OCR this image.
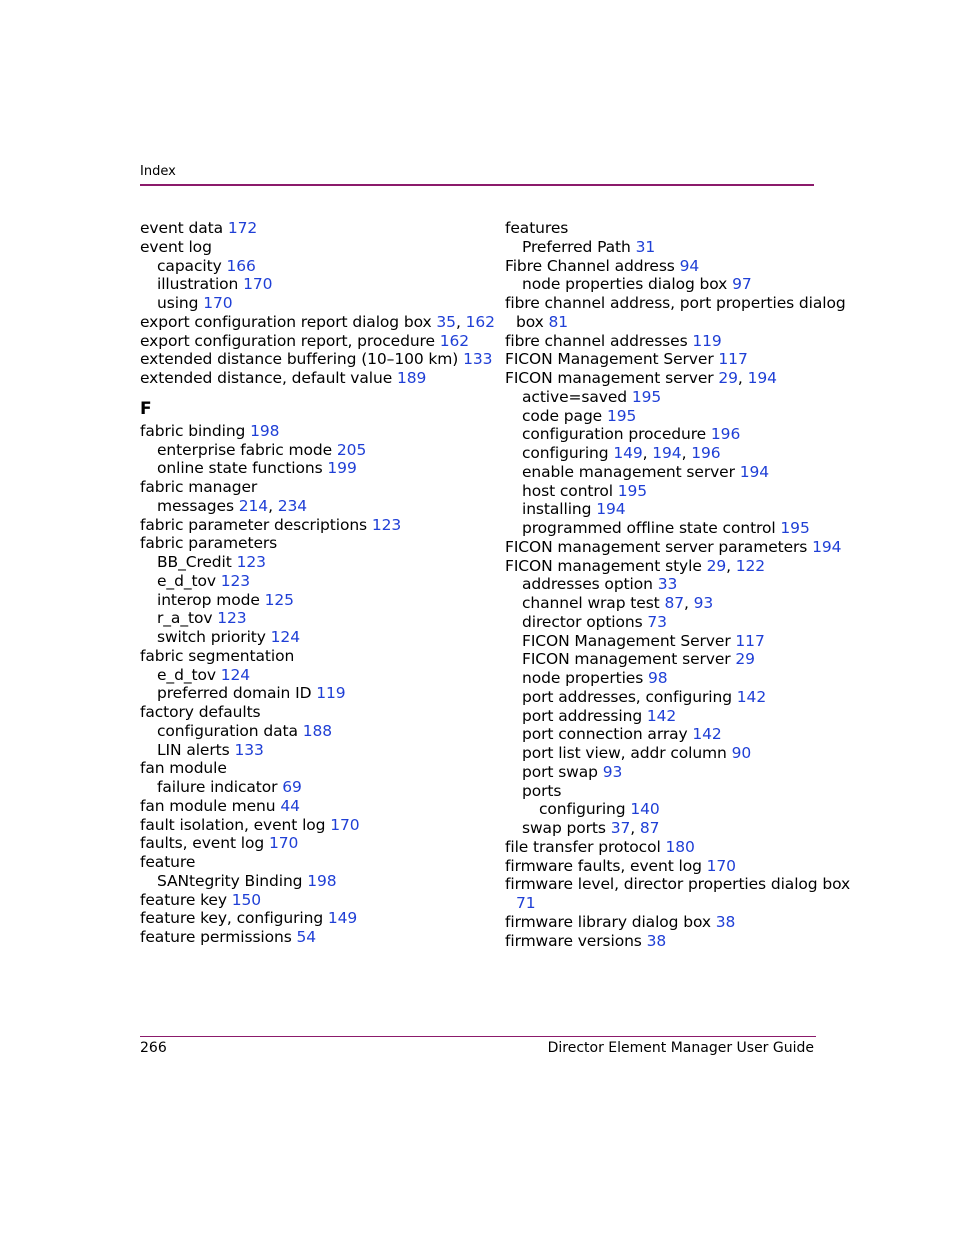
Index
event data 172
event log
capacity 166
illustration 170
using 170
export configuration report dialog box 35, 162
export configuration report, procedure 162
extended distance buffering (10–100 km) 133
extended distance, default value 189
F
fabric binding 198
enterprise fabric mode 205
online state functions 199
fabric manager
messages 214, 234
fabric parameter descriptions 123
fabric parameters
BB_Credit 123
e_d_tov 123
interop mode 125
r_a_tov 123
switch priority 124
fabric segmentation
e_d_tov 124
preferred domain ID 119
factory defaults
configuration data 188
LIN alerts 133
fan module
failure indicator 69
fan module menu 44
fault isolation, event log 170
faults, event log 170
feature
SANtegrity Binding 198
feature key 150
feature key, configuring 149
feature permissions 54
features
Preferred Path 31
Fibre Channel address 94
node properties dialog box 97
fibre channel address, port properties dialog
box 81
fibre channel addresses 119
FICON Management Server 117
FICON management server 29, 194
active=saved 195
code page 195
configuration procedure 196
configuring 149, 194, 196
enable management server 194
host control 195
installing 194
programmed offline state control 195
FICON management server parameters 194
FICON management style 29, 122
addresses option 33
channel wrap test 87, 93
director options 73
FICON Management Server 117
FICON management server 29
node properties 98
port addresses, configuring 142
port addressing 142
port connection array 142
port list view, addr column 90
port swap 93
ports
configuring 140
swap ports 37, 87
file transfer protocol 180
firmware faults, event log 170
firmware level, director properties dialog box
71
firmware library dialog box 38
firmware versions 38
266	Director Element Manager User Guide
